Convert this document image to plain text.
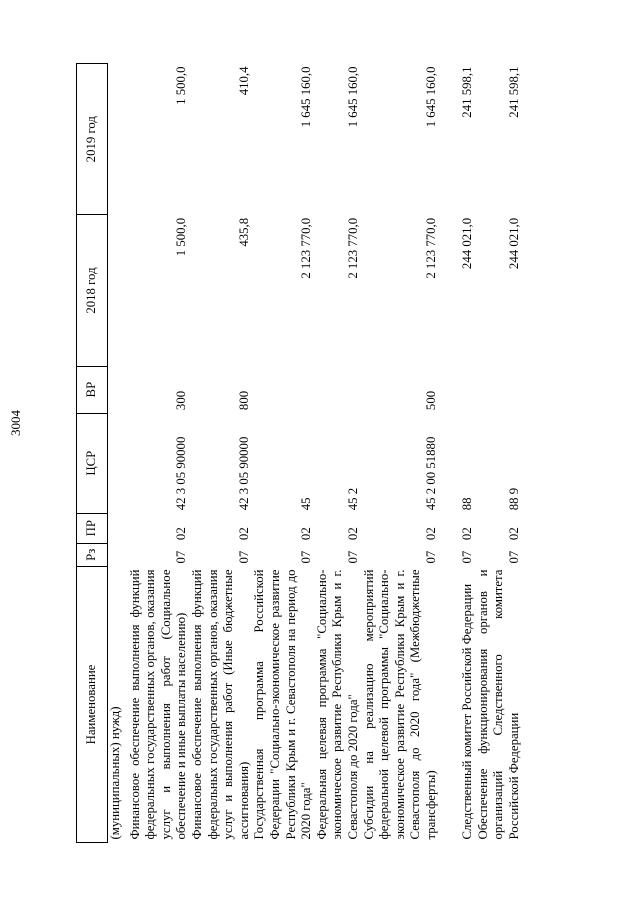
3004
Наименование	Рз	ПР	ЦСР	ВР	2018 год	2019 год
(муниципальных) нужд)						
Финансовое обеспечение выполнения функций федеральных государственных органов, оказания услуг и выполнения работ (Социальное обеспечение и иные выплаты населению)	07	02	42 3 05 90000	300	1 500,0	1 500,0
Финансовое обеспечение выполнения функций федеральных государственных органов, оказания услуг и выполнения работ (Иные бюджетные ассигнования)	07	02	42 3 05 90000	800	435,8	410,4
Государственная программа Российской Федерации "Социально-экономическое развитие Республики Крым и г. Севастополя на период до 2020 года"	07	02	45		2 123 770,0	1 645 160,0
Федеральная целевая программа "Социально-экономическое развитие Республики Крым и г. Севастополя до 2020 года"	07	02	45 2		2 123 770,0	1 645 160,0
Субсидии на реализацию мероприятий федеральной целевой программы "Социально-экономическое развитие Республики Крым и г. Севастополя до 2020 года" (Межбюджетные трансферты)	07	02	45 2 00 51880	500	2 123 770,0	1 645 160,0
Следственный комитет Российской Федерации	07	02	88		244 021,0	241 598,1
Обеспечение функционирования органов и организаций Следственного комитета Российской Федерации	07	02	88 9		244 021,0	241 598,1
